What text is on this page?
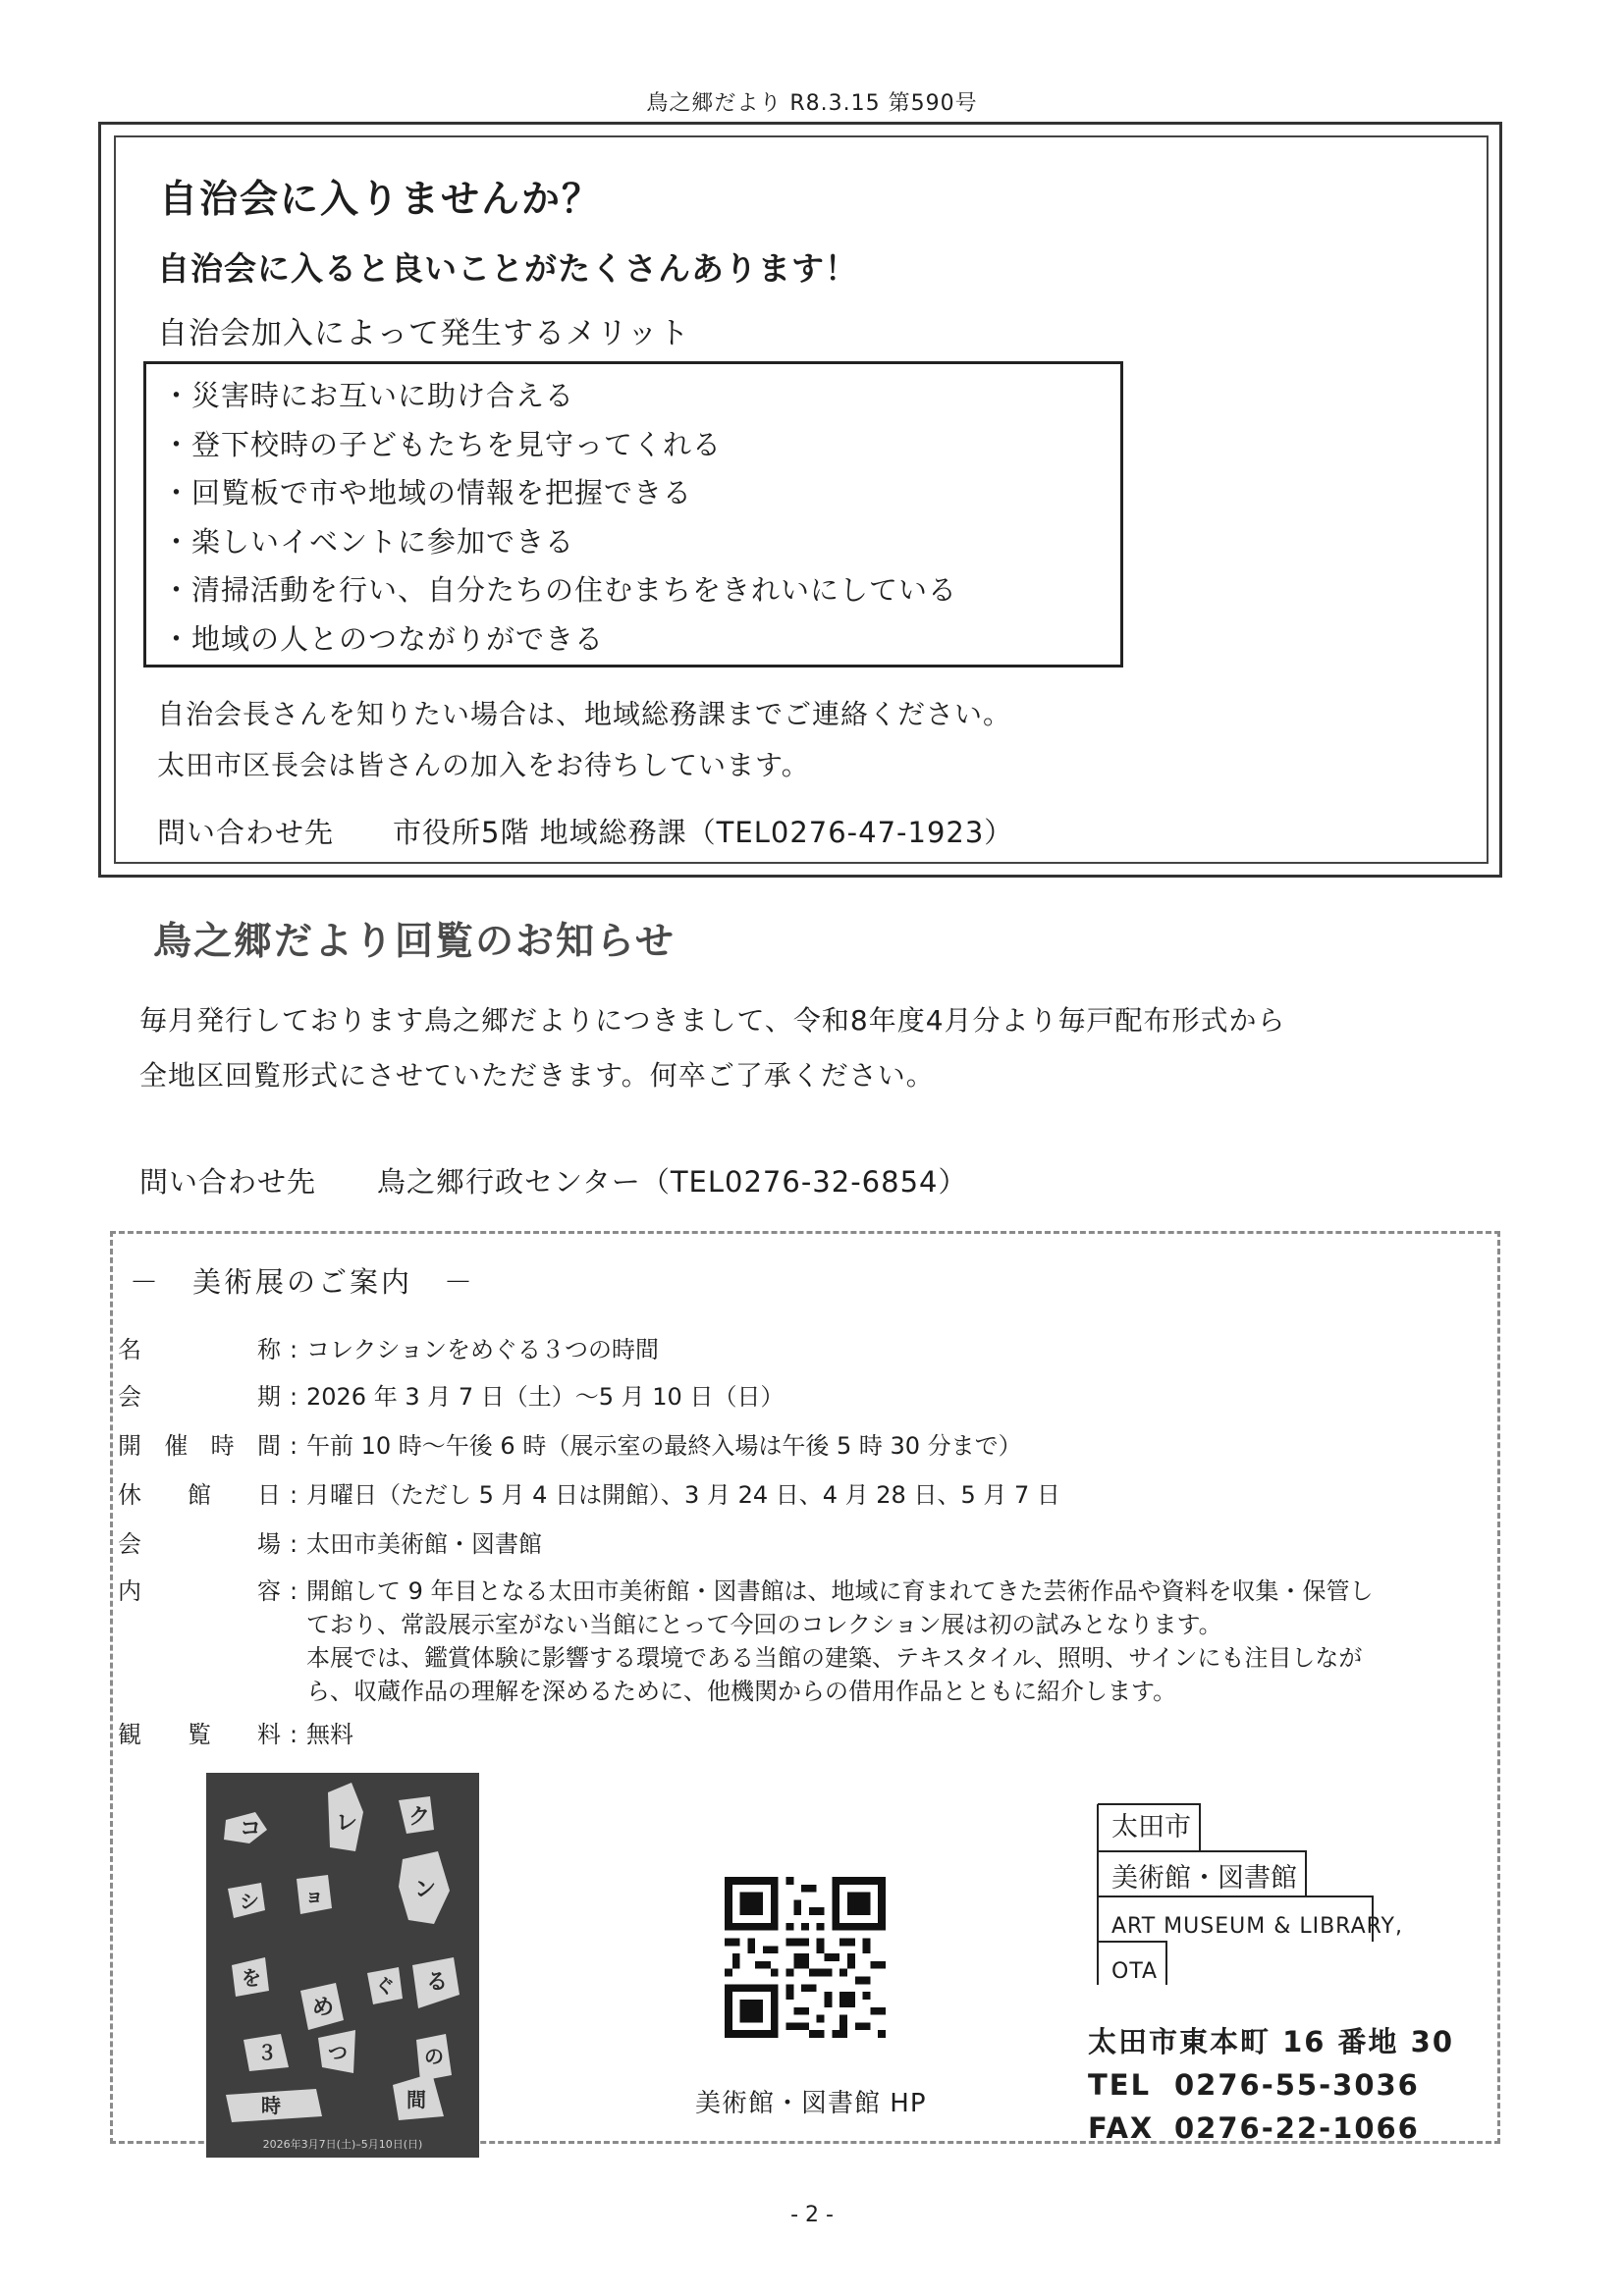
鳥之郷だより R8.3.15 第590号
自治会に入りませんか？
自治会に入ると良いことがたくさんあります！
自治会加入によって発生するメリット
・災害時にお互いに助け合える
・登下校時の子どもたちを見守ってくれる
・回覧板で市や地域の情報を把握できる
・楽しいイベントに参加できる
・清掃活動を行い、自分たちの住むまちをきれいにしている
・地域の人とのつながりができる
自治会長さんを知りたい場合は、地域総務課までご連絡ください。
太田市区長会は皆さんの加入をお待ちしています。
問い合わせ先 市役所5階 地域総務課（TEL0276-47-1923）
鳥之郷だより回覧のお知らせ
毎月発行しております鳥之郷だよりにつきまして、令和8年度4月分より毎戸配布形式から
全地区回覧形式にさせていただきます。何卒ご了承ください。
問い合わせ先 鳥之郷行政センター（TEL0276-32-6854）
－　美術展のご案内　－
名	称 : コレクションをめぐる３つの時間

会	期 : 2026 年 3 月 7 日（土）～5 月 10 日（日）

開 催 時 間 : 午前 10 時～午後 6 時（展示室の最終入場は午後 5 時 30 分まで）

休 館 日 : 月曜日（ただし 5 月 4 日は開館）、3 月 24 日、4 月 28 日、5 月 7 日

会	場 : 太田市美術館・図書館

内	容 : 開館して 9 年目となる太田市美術館・図書館は、地域に育まれてきた芸術作品や資料を収集・保管し

ており、常設展示室がない当館にとって今回のコレクション展は初の試みとなります。

本展では、鑑賞体験に影響する環境である当館の建築、テキスタイル、照明、サインにも注目しなが

ら、収蔵作品の理解を深めるために、他機関からの借用作品とともに紹介します。

観 覧 料 : 無料

コ	レ ク
シ ョ	ン
を
め
ぐ る
３	つ	の
時	間
2026年3月7日(土)–5月10日(日)
美術館・図書館 HP
太田市
美術館・図書館
ART MUSEUM & LIBRARY,
OTA
太田市東本町 16 番地 30
TEL 0276-55-3036
FAX 0276-22-1066
- 2 -
